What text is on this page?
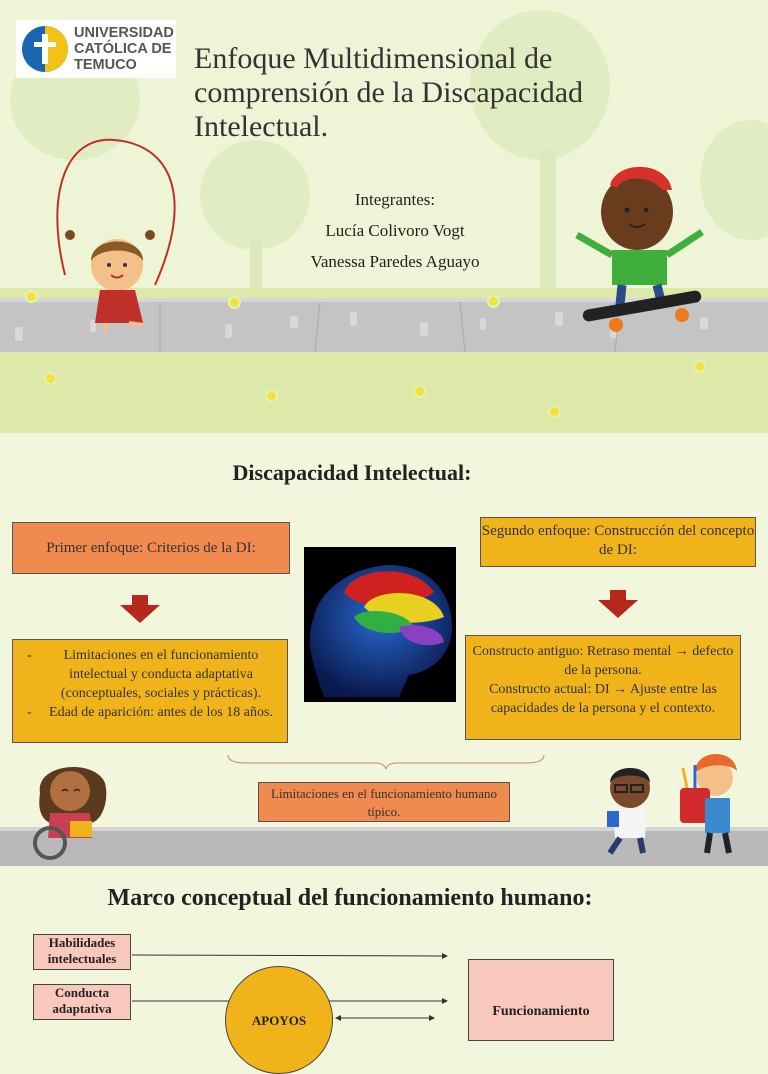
UNIVERSIDAD
CATÓLICA DE
TEMUCO	Enfoque Multidimensional de comprensión de la Discapacidad Intelectual.
Integrantes:
Lucía Colivoro Vogt
Vanessa Paredes Aguayo
Discapacidad Intelectual:
Primer enfoque: Criterios de la DI:
- Limitaciones en el funcionamiento intelectual y conducta adaptativa (conceptuales, sociales y prácticas).
- Edad de aparición: antes de los 18 años.
Segundo enfoque: Construcción del concepto de DI:
Constructo antiguo: Retraso mental → defecto de la persona.
Constructo actual: DI → Ajuste entre las capacidades de la persona y el contexto.
Limitaciones en el funcionamiento humano típico.
Marco conceptual del funcionamiento humano:
Habilidades intelectuales
Conducta adaptativa
APOYOS
Funcionamiento
